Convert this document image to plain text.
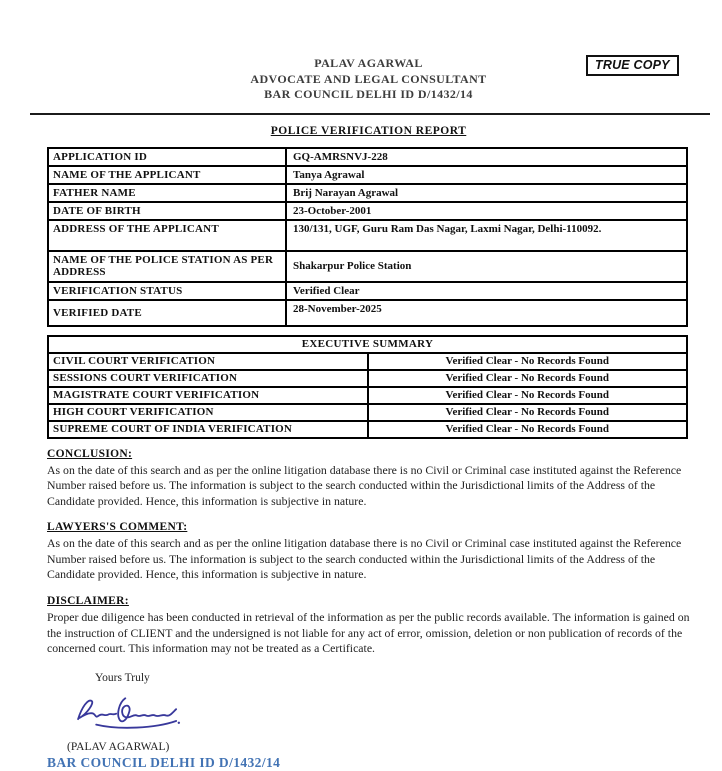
TRUE COPY
PALAV AGARWAL
ADVOCATE AND LEGAL CONSULTANT
BAR COUNCIL DELHI ID D/1432/14
POLICE VERIFICATION REPORT
APPLICATION ID	GQ-AMRSNVJ-228
NAME OF THE APPLICANT	Tanya Agrawal
FATHER NAME	Brij Narayan Agrawal
DATE OF BIRTH	23-October-2001
ADDRESS OF THE APPLICANT	130/131, UGF, Guru Ram Das Nagar, Laxmi Nagar, Delhi-110092.
NAME OF THE POLICE STATION AS PER ADDRESS	Shakarpur Police Station
VERIFICATION STATUS	Verified Clear
VERIFIED DATE	28-November-2025
EXECUTIVE SUMMARY	
CIVIL COURT VERIFICATION	Verified Clear - No Records Found
SESSIONS COURT VERIFICATION	Verified Clear - No Records Found
MAGISTRATE COURT VERIFICATION	Verified Clear - No Records Found
HIGH COURT VERIFICATION	Verified Clear - No Records Found
SUPREME COURT OF INDIA VERIFICATION	Verified Clear - No Records Found
CONCLUSION:
As on the date of this search and as per the online litigation database there is no Civil or Criminal case instituted against the Reference Number raised before us. The information is subject to the search conducted within the Jurisdictional limits of the Address of the Candidate provided. Hence, this information is subjective in nature.
LAWYERS'S COMMENT:
As on the date of this search and as per the online litigation database there is no Civil or Criminal case instituted against the Reference Number raised before us. The information is subject to the search conducted within the Jurisdictional limits of the Address of the Candidate provided. Hence, this information is subjective in nature.
DISCLAIMER:
Proper due diligence has been conducted in retrieval of the information as per the public records available. The information is gained on the instruction of CLIENT and the undersigned is not liable for any act of error, omission, deletion or non publication of records of the concerned court. This information may not be treated as a Certificate.
Yours Truly
(PALAV AGARWAL)
BAR COUNCIL DELHI ID D/1432/14
